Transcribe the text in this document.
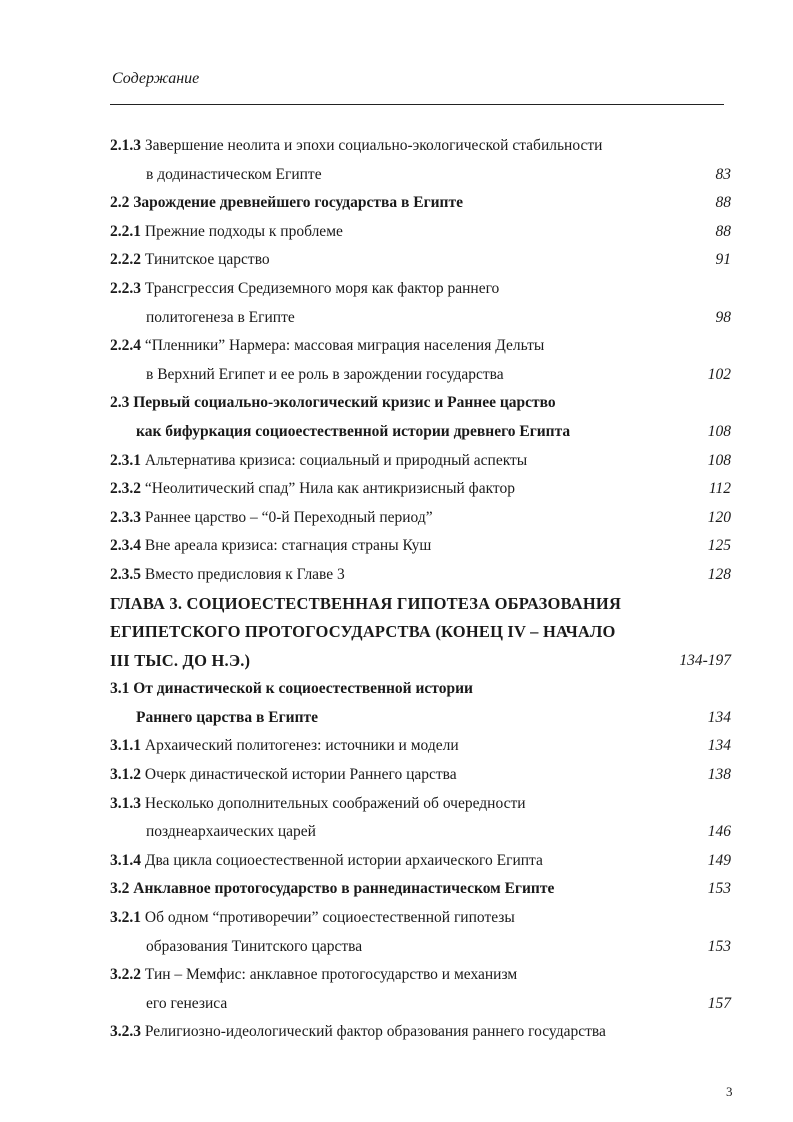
Содержание
2.1.3 Завершение неолита и эпохи социально-экологической стабильности
в додинастическом Египте	83
2.2 Зарождение древнейшего государства в Египте	88
2.2.1 Прежние подходы к проблеме	88
2.2.2 Тинитское царство	91
2.2.3 Трансгрессия Средиземного моря как фактор раннего
политогенеза в Египте	98
2.2.4 “Пленники” Нармера: массовая миграция населения Дельты
в Верхний Египет и ее роль в зарождении государства	102
2.3 Первый социально-экологический кризис и Раннее царство
как бифуркация социоестественной истории древнего Египта	108
2.3.1 Альтернатива кризиса: социальный и природный аспекты	108
2.3.2 “Неолитический спад” Нила как антикризисный фактор	112
2.3.3 Раннее царство – “0-й Переходный период”	120
2.3.4 Вне ареала кризиса: стагнация страны Куш	125
2.3.5 Вместо предисловия к Главе 3	128
ГЛАВА 3. СОЦИОЕСТЕСТВЕННАЯ ГИПОТЕЗА ОБРАЗОВАНИЯ
ЕГИПЕТСКОГО ПРОТОГОСУДАРСТВА (КОНЕЦ IV – НАЧАЛО
III ТЫС. ДО Н.Э.)	134-197
3.1 От династической к социоестественной истории
Раннего царства в Египте	134
3.1.1 Архаический политогенез: источники и модели	134
3.1.2 Очерк династической истории Раннего царства	138
3.1.3 Несколько дополнительных соображений об очередности
позднеархаических царей	146
3.1.4 Два цикла социоестественной истории архаического Египта	149
3.2 Анклавное протогосударство в раннединастическом Египте	153
3.2.1 Об одном “противоречии” социоестественной гипотезы
образования Тинитского царства	153
3.2.2 Тин – Мемфис: анклавное протогосударство и механизм
его генезиса	157
3.2.3 Религиозно-идеологический фактор образования раннего государства
3
